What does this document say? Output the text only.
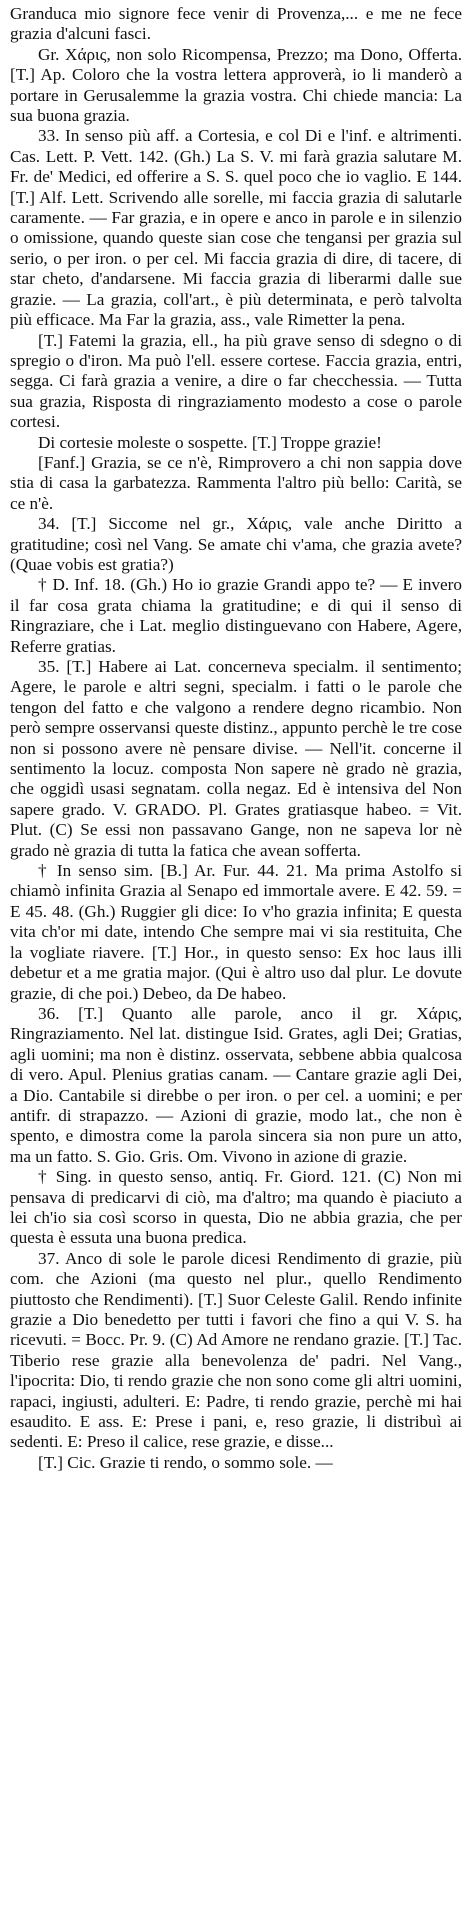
Granduca mio signore fece venir di Provenza,... e me ne fece grazia d'alcuni fasci.

Gr. Χάρις, non solo Ricompensa, Prezzo; ma Dono, Offerta. [T.] Ap. Coloro che la vostra lettera approverà, io li manderò a portare in Gerusalemme la grazia vostra. Chi chiede mancia: La sua buona grazia.

33. In senso più aff. a Cortesia, e col Di e l'inf. e altrimenti. Cas. Lett. P. Vett. 142. (Gh.) La S. V. mi farà grazia salutare M. Fr. de' Medici, ed offerire a S. S. quel poco che io vaglio. E 144. [T.] Alf. Lett. Scrivendo alle sorelle, mi faccia grazia di salutarle caramente. — Far grazia, e in opere e anco in parole e in silenzio o omissione, quando queste sian cose che tengansi per grazia sul serio, o per iron. o per cel. Mi faccia grazia di dire, di tacere, di star cheto, d'andarsene. Mi faccia grazia di liberarmi dalle sue grazie. — La grazia, coll'art., è più determinata, e però talvolta più efficace. Ma Far la grazia, ass., vale Rimetter la pena.

[T.] Fatemi la grazia, ell., ha più grave senso di sdegno o di spregio o d'iron. Ma può l'ell. essere cortese. Faccia grazia, entri, segga. Ci farà grazia a venire, a dire o far checchessia. — Tutta sua grazia, Risposta di ringraziamento modesto a cose o parole cortesi.

Di cortesie moleste o sospette. [T.] Troppe grazie!

[Fanf.] Grazia, se ce n'è, Rimprovero a chi non sappia dove stia di casa la garbatezza. Rammenta l'altro più bello: Carità, se ce n'è.

34. [T.] Siccome nel gr., Χάρις, vale anche Diritto a gratitudine; così nel Vang. Se amate chi v'ama, che grazia avete? (Quae vobis est gratia?)

† D. Inf. 18. (Gh.) Ho io grazie Grandi appo te? — E invero il far cosa grata chiama la gratitudine; e di qui il senso di Ringraziare, che i Lat. meglio distinguevano con Habere, Agere, Referre gratias.

35. [T.] Habere ai Lat. concerneva specialm. il sentimento; Agere, le parole e altri segni, specialm. i fatti o le parole che tengon del fatto e che valgono a rendere degno ricambio. Non però sempre osservansi queste distinz., appunto perchè le tre cose non si possono avere nè pensare divise. — Nell'it. concerne il sentimento la locuz. composta Non sapere nè grado nè grazia, che oggidì usasi segnatam. colla negaz. Ed è intensiva del Non sapere grado. V. GRADO. Pl. Grates gratiasque habeo. = Vit. Plut. (C) Se essi non passavano Gange, non ne sapeva lor nè grado nè grazia di tutta la fatica che avean sofferta.

† In senso sim. [B.] Ar. Fur. 44. 21. Ma prima Astolfo si chiamò infinita Grazia al Senapo ed immortale avere. E 42. 59. = E 45. 48. (Gh.) Ruggier gli dice: Io v'ho grazia infinita; E questa vita ch'or mi date, intendo Che sempre mai vi sia restituita, Che la vogliate riavere. [T.] Hor., in questo senso: Ex hoc laus illi debetur et a me gratia major. (Qui è altro uso dal plur. Le dovute grazie, di che poi.) Debeo, da De habeo.

36. [T.] Quanto alle parole, anco il gr. Χάρις, Ringraziamento. Nel lat. distingue Isid. Grates, agli Dei; Gratias, agli uomini; ma non è distinz. osservata, sebbene abbia qualcosa di vero. Apul. Plenius gratias canam. — Cantare grazie agli Dei, a Dio. Cantabile si direbbe o per iron. o per cel. a uomini; e per antifr. di strapazzo. — Azioni di grazie, modo lat., che non è spento, e dimostra come la parola sincera sia non pure un atto, ma un fatto. S. Gio. Gris. Om. Vivono in azione di grazie.

† Sing. in questo senso, antiq. Fr. Giord. 121. (C) Non mi pensava di predicarvi di ciò, ma d'altro; ma quando è piaciuto a lei ch'io sia così scorso in questa, Dio ne abbia grazia, che per questa è essuta una buona predica.

37. Anco di sole le parole dicesi Rendimento di grazie, più com. che Azioni (ma questo nel plur., quello Rendimento piuttosto che Rendimenti). [T.] Suor Celeste Galil. Rendo infinite grazie a Dio benedetto per tutti i favori che fino a qui V. S. ha ricevuti. = Bocc. Pr. 9. (C) Ad Amore ne rendano grazie. [T.] Tac. Tiberio rese grazie alla benevolenza de' padri. Nel Vang., l'ipocrita: Dio, ti rendo grazie che non sono come gli altri uomini, rapaci, ingiusti, adulteri. E: Padre, ti rendo grazie, perchè mi hai esaudito. E ass. E: Prese i pani, e, reso grazie, li distribuì ai sedenti. E: Preso il calice, rese grazie, e disse...

[T.] Cic. Grazie ti rendo, o sommo sole. —
